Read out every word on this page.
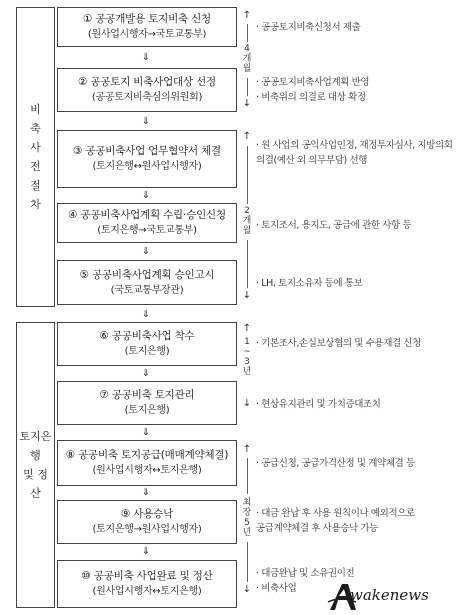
비
축
사
전
절
차
토지은
행
및 정
산
① 공공개발용 토지비축 신청
(원사업시행자→국토교통부)
② 공공토지 비축사업대상 선정
(공공토지비축심의위원회)
③ 공공비축사업 업무협약서 체결
(토지은행↔원사업시행자)
④ 공공비축사업계획 수립·승인신청
(토지은행→국토교통부)
⑤ 공공비축사업계획 승인고시
(국토교통부장관)
⑥ 공공비축사업 착수
(토지은행)
⑦ 공공비축 토지관리
(토지은행)
⑧ 공공비축 토지공급(매매계약체결)
(원사업시행자↔토지은행)
⑨ 사용승낙
(토지은행→원사업시행자)
⑩ 공공비축 사업완료 및 정산
(원사업시행자↔토지은행)
⇓
⇓
⇓
⇓
⇓
⇓
⇓
⇓
⇓
↑
4
개
월
↓
↑
2
개
월
↓
↑
1
~
3
년
↓
↑
최
장
5
년
↓
· 공공토지비축신청서 제출
· 공공토지비축사업계획 반영
· 비축위의 의결로 대상 확정
· 원 사업의 공익사업인정, 재정투자심사, 지방의회 의결(예산 외 의무부담) 선행
· 토지조서, 용지도, 공급에 관한 사항 등
· LH, 토지소유자 등에 통보
· 기본조사,손실보상협의 및 수용재결 신청
· 현상유지관리 및 가치증대조치
· 공급신청, 공급가격산정 및 계약체결 등
· 대금 완납 후 사용 원칙이나 예외적으로 공급계약체결 후 사용승낙 가능
· 대금완납 및 소유권이전
· 비축사업	wakenews
